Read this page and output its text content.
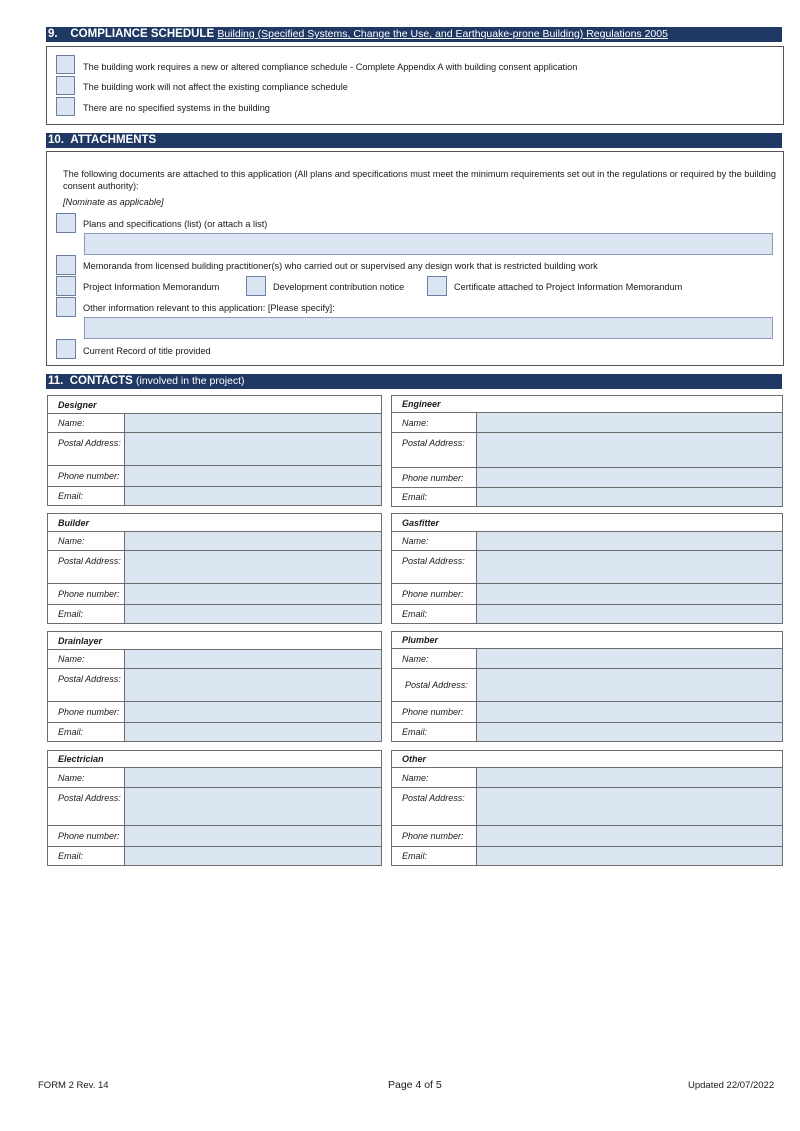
9. COMPLIANCE SCHEDULE Building (Specified Systems, Change the Use, and Earthquake-prone Building) Regulations 2005
The building work requires a new or altered compliance schedule - Complete Appendix A with building consent application
The building work will not affect the existing compliance schedule
There are no specified systems in the building
10. ATTACHMENTS
The following documents are attached to this application (All plans and specifications must meet the minimum requirements set out in the regulations or required by the building
consent authority):
[Nominate as applicable]
Plans and specifications (list) (or attach a list)
Memoranda from licensed building practitioner(s) who carried out or supervised any design work that is restricted building work
Project Information Memorandum	Development contribution notice	Certificate attached to Project Information Memorandum
Other information relevant to this application: [Please specify]:
Current Record of title provided
11. CONTACTS (involved in the project)
Designer	
Name:	
Postal Address:	
Phone number:	
Email:	
Engineer	
Name:	
Postal Address:	
Phone number:	
Email:	
Builder	
Name:	
Postal Address:	
Phone number:	
Email:	
Gasfitter	
Name:	
Postal Address:	
Phone number:	
Email:	
Drainlayer	
Name:	
Postal Address:	
Phone number:	
Email:	
Plumber	
Name:	
Postal Address:	
Phone number:	
Email:	
Electrician	
Name:	
Postal Address:	
Phone number:	
Email:	
Other	
Name:	
Postal Address:	
Phone number:	
Email:	
FORM 2 Rev. 14	Page 4 of 5	Updated 22/07/2022
